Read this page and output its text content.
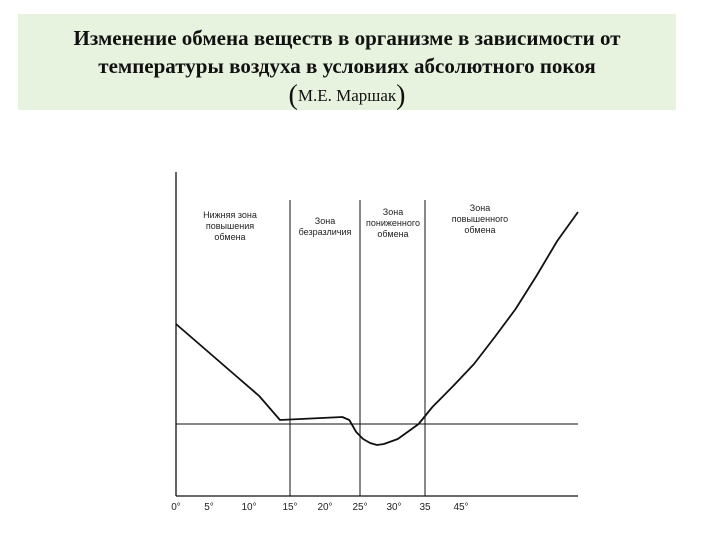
Изменение обмена веществ в организме в зависимости от
температуры воздуха в условиях абсолютного покоя
(М.Е. Маршак)
Нижняя зона
повышения
обмена
Зона
безразличия
Зона
пониженного
обмена
Зона
повышенного
обмена
0° 5°	10°	15° 20° 25° 30° 35 45°
